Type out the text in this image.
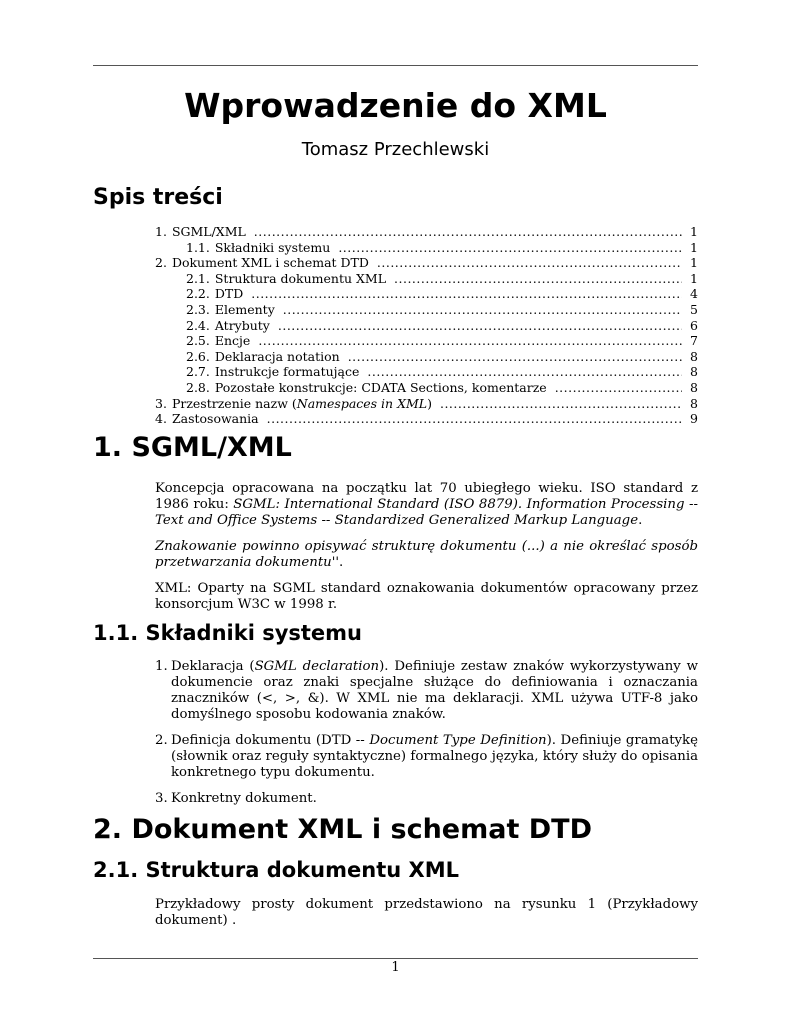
Wprowadzenie do XML
Tomasz Przechlewski
Spis treści
1. SGML/XML .....	1
1.1. Składniki systemu .....	1
2. Dokument XML i schemat DTD .....	1
2.1. Struktura dokumentu XML .....	1
2.2. DTD .....	4
2.3. Elementy .....	5
2.4. Atrybuty .....	6
2.5. Encje .....	7
2.6. Deklaracja notation .....	8
2.7. Instrukcje formatujące .....	8
2.8. Pozostałe konstrukcje: CDATA Sections, komentarze .....	8
3. Przestrzenie nazw (Namespaces in XML) .....	8
4. Zastosowania .....	9
1. SGML/XML

Koncepcja opracowana na początku lat 70 ubiegłego wieku. ISO standard z 1986 roku: SGML: International Standard (ISO 8879). Information Processing -- Text and Office Systems -- Standardized Generalized Markup Language.

Znakowanie powinno opisywać strukturę dokumentu (...) a nie określać sposób przetwarzania dokumentu''.

XML: Oparty na SGML standard oznakowania dokumentów opracowany przez konsorcjum W3C w 1998 r.

1.1. Składniki systemu
1. Deklaracja (SGML declaration). Definiuje zestaw znaków wykorzystywany w dokumencie oraz znaki specjalne służące do definiowania i oznaczania znaczników (<, >, &). W XML nie ma deklaracji. XML używa UTF-8 jako domyślnego sposobu kodowania znaków.
2. Definicja dokumentu (DTD -- Document Type Definition). Definiuje gramatykę (słownik oraz reguły syntaktyczne) formalnego języka, który służy do opisania konkretnego typu dokumentu.
3. Konkretny dokument.
2. Dokument XML i schemat DTD
2.1. Struktura dokumentu XML

Przykładowy prosty dokument przedstawiono na rysunku 1 (Przykładowy dokument) .

1
